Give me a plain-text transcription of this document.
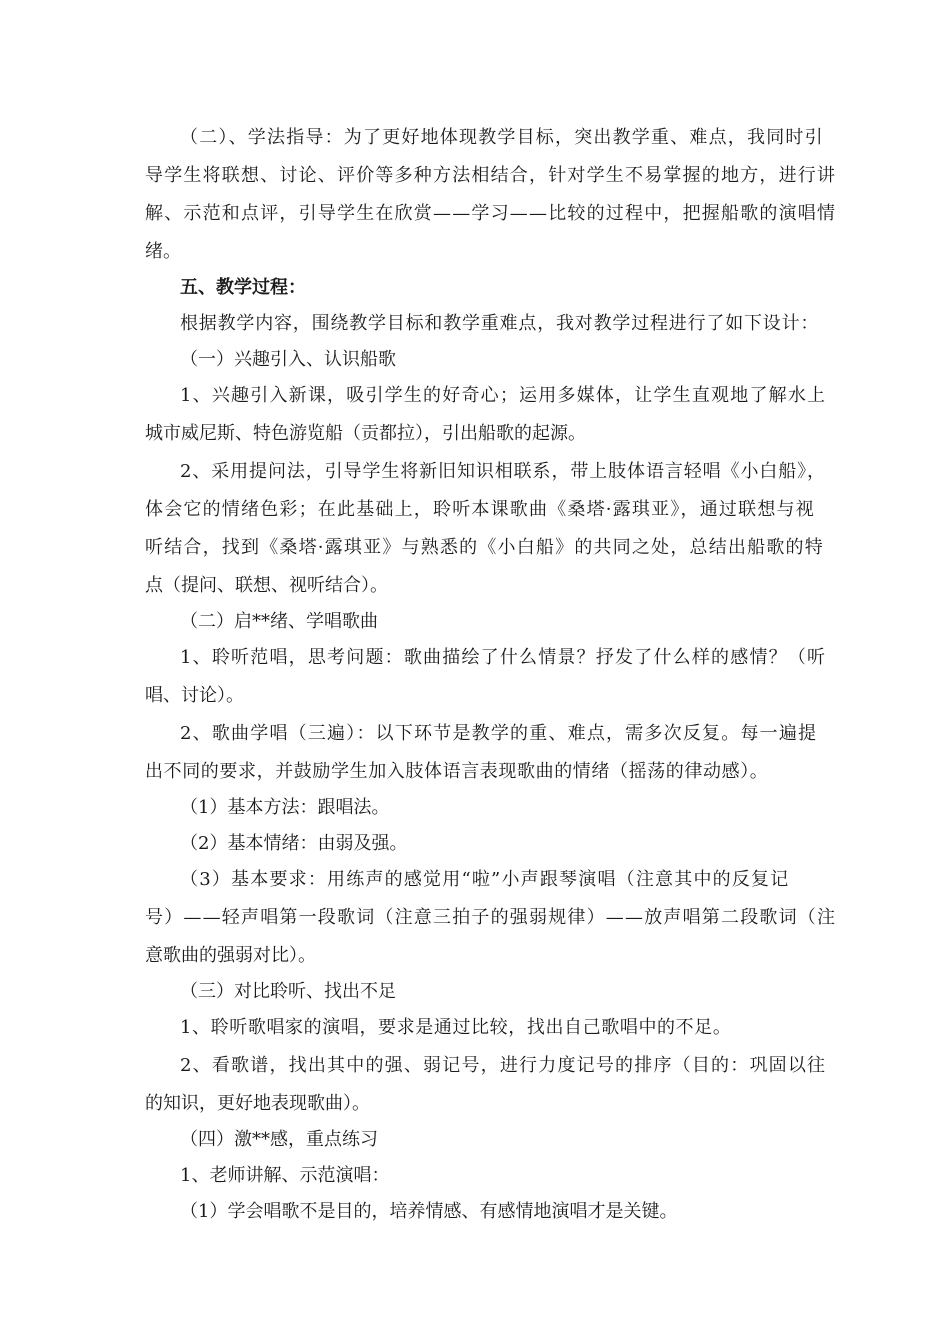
（二）、学法指导：为了更好地体现教学目标，突出教学重、难点，我同时引
导学生将联想、讨论、评价等多种方法相结合，针对学生不易掌握的地方，进行讲
解、示范和点评，引导学生在欣赏——学习——比较的过程中，把握船歌的演唱情
绪。
五、教学过程：
根据教学内容，围绕教学目标和教学重难点，我对教学过程进行了如下设计：
（一）兴趣引入、认识船歌
1、兴趣引入新课，吸引学生的好奇心；运用多媒体，让学生直观地了解水上
城市威尼斯、特色游览船（贡都拉），引出船歌的起源。
2、采用提问法，引导学生将新旧知识相联系，带上肢体语言轻唱《小白船》，
体会它的情绪色彩；在此基础上，聆听本课歌曲《桑塔·露琪亚》，通过联想与视
听结合，找到《桑塔·露琪亚》与熟悉的《小白船》的共同之处，总结出船歌的特
点（提问、联想、视听结合）。
（二）启**绪、学唱歌曲
1、聆听范唱，思考问题：歌曲描绘了什么情景？抒发了什么样的感情？（听
唱、讨论）。
2、歌曲学唱（三遍）：以下环节是教学的重、难点，需多次反复。每一遍提
出不同的要求，并鼓励学生加入肢体语言表现歌曲的情绪（摇荡的律动感）。
（1）基本方法：跟唱法。
（2）基本情绪：由弱及强。
（3）基本要求：用练声的感觉用“啦”小声跟琴演唱（注意其中的反复记
号）——轻声唱第一段歌词（注意三拍子的强弱规律）——放声唱第二段歌词（注
意歌曲的强弱对比）。
（三）对比聆听、找出不足
1、聆听歌唱家的演唱，要求是通过比较，找出自己歌唱中的不足。
2、看歌谱，找出其中的强、弱记号，进行力度记号的排序（目的：巩固以往
的知识，更好地表现歌曲）。
（四）激**感，重点练习
1、老师讲解、示范演唱：
（1）学会唱歌不是目的，培养情感、有感情地演唱才是关键。
